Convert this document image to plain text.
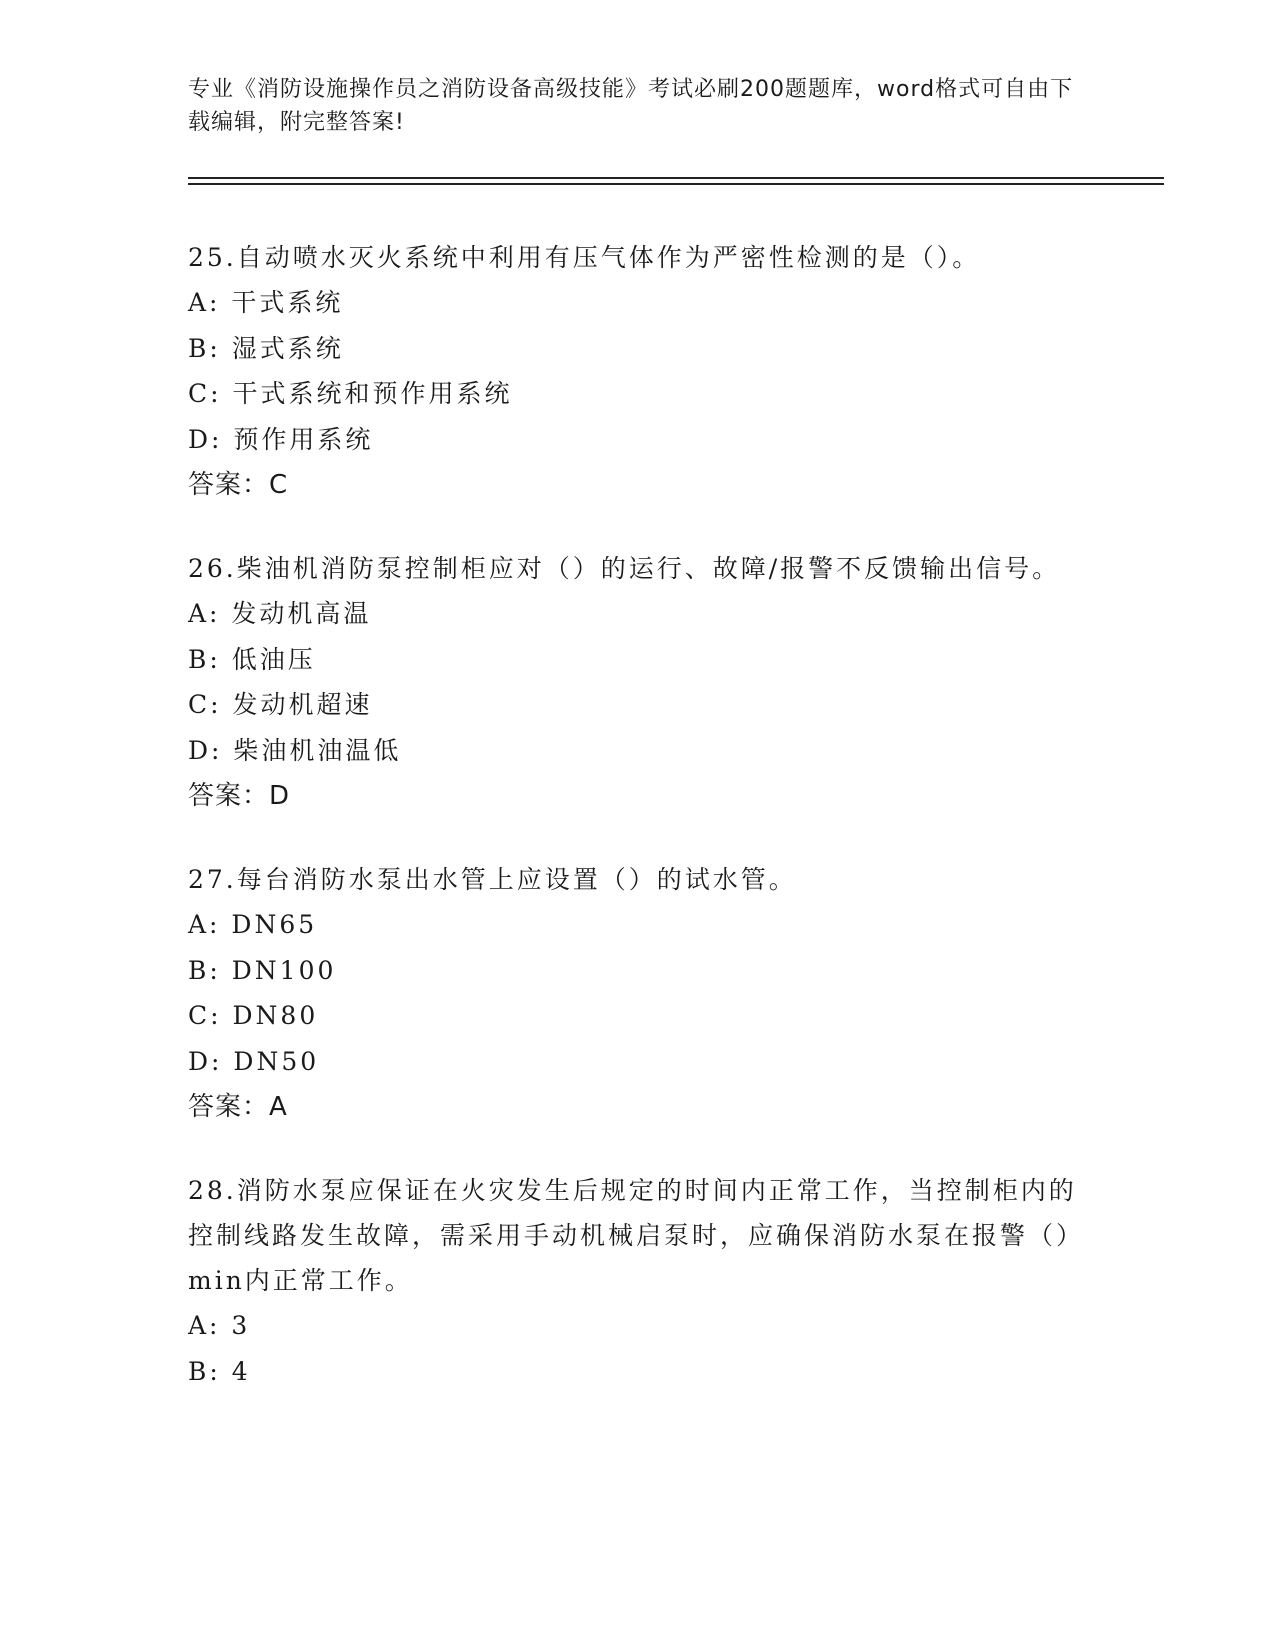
专业《消防设施操作员之消防设备高级技能》考试必刷200题题库，word格式可自由下载编辑，附完整答案!

25.自动喷水灭火系统中利用有压气体作为严密性检测的是（）。

A: 干式系统

B: 湿式系统

C: 干式系统和预作用系统

D: 预作用系统

答案：C

26.柴油机消防泵控制柜应对（）的运行、故障/报警不反馈输出信号。

A: 发动机高温

B: 低油压

C: 发动机超速

D: 柴油机油温低

答案：D

27.每台消防水泵出水管上应设置（）的试水管。

A: DN65

B: DN100

C: DN80

D: DN50

答案：A

28.消防水泵应保证在火灾发生后规定的时间内正常工作，当控制柜内的控制线路发生故障，需采用手动机械启泵时，应确保消防水泵在报警（）min内正常工作。

A: 3

B: 4
